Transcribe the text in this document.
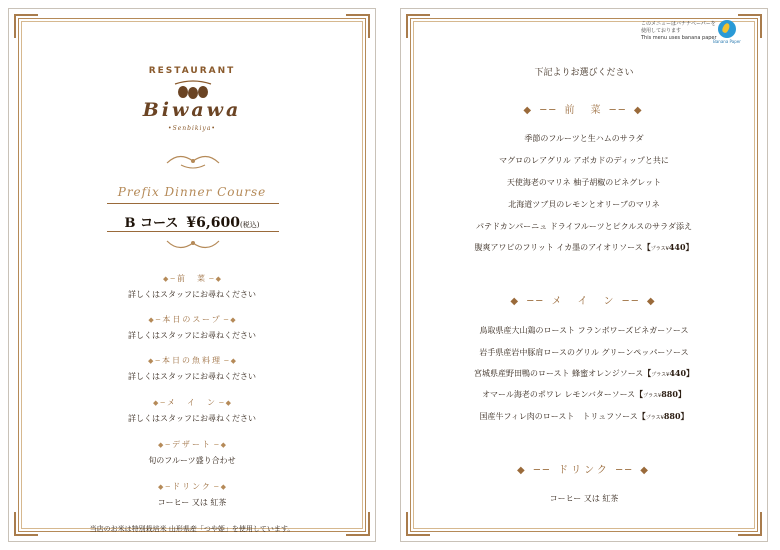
RESTAURANT
Biwawa
•Senbikiya•
Prefix Dinner Course
B コース ¥6,600(税込)
◆ ─ 前　菜 ─ ◆
詳しくはスタッフにお尋ねください
◆ ─ 本日のスープ ─ ◆
詳しくはスタッフにお尋ねください
◆ ─ 本日の魚料理 ─ ◆
詳しくはスタッフにお尋ねください
◆ ─ メ　イ　ン ─ ◆
詳しくはスタッフにお尋ねください
◆ ─ デザート ─ ◆
旬のフルーツ盛り合わせ
◆ ─ ドリンク ─ ◆
コーヒー 又は 紅茶
当店のお米は特別栽培米 山形県産「つや姫」を使用しています。
このメニューはバナナペーパーを
使用しております
This menu uses banana paper
Banana Paper
下記よりお選びください
◆ ── 前　菜 ── ◆
季節のフルーツと生ハムのサラダ
マグロのレアグリル アボカドのディップと共に
天使海老のマリネ 柚子胡椒のビネグレット
北海道ツブ貝のレモンとオリーブのマリネ
パテドカンパーニュ ドライフルーツとピクルスのサラダ添え
腹爽アワビのフリット イカ墨のアイオリソース【プラス¥440】
◆ ── メ　イ　ン ── ◆
鳥取県産大山鶏のロースト フランボワーズビネガーソース
岩手県産岩中豚肩ロースのグリル グリーンペッパーソース
宮城県産野田鴨のロースト 蜂蜜オレンジソース【プラス¥440】
オマール海老のポワレ レモンバターソース【プラス¥880】
国産牛フィレ肉のロースト　トリュフソース【プラス¥880】
◆ ── ドリンク ── ◆
コーヒー 又は 紅茶
